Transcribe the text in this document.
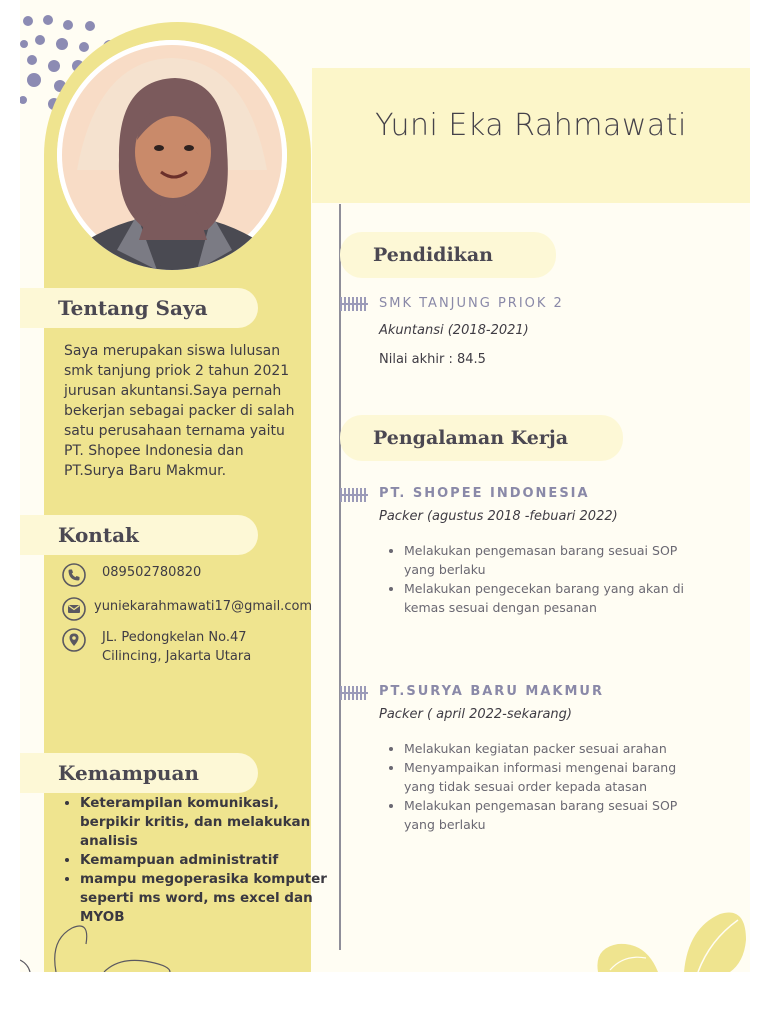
Yuni Eka Rahmawati
Tentang Saya

Saya merupakan siswa lulusan smk tanjung priok 2 tahun 2021 jurusan akuntansi.Saya pernah bekerjan sebagai packer di salah satu perusahaan ternama yaitu PT. Shopee Indonesia dan PT.Surya Baru Makmur.

Kontak
089502780820
yuniekarahmawati17@gmail.com
JL. Pedongkelan No.47
Cilincing, Jakarta Utara
Kemampuan
• Keterampilan komunikasi, berpikir kritis, dan melakukan analisis
• Kemampuan administratif
• mampu megoperasika komputer seperti ms word, ms excel dan MYOB
Pendidikan
SMK TANJUNG PRIOK 2
Akuntansi (2018-2021)
Nilai akhir : 84.5
Pengalaman Kerja
PT. SHOPEE INDONESIA
Packer (agustus 2018 -febuari 2022)
• Melakukan pengemasan barang sesuai SOP yang berlaku
• Melakukan pengecekan barang yang akan di kemas sesuai dengan pesanan
PT.SURYA BARU MAKMUR
Packer ( april 2022-sekarang)
• Melakukan kegiatan packer sesuai arahan
• Menyampaikan informasi mengenai barang yang tidak sesuai order kepada atasan
• Melakukan pengemasan barang sesuai SOP yang berlaku
